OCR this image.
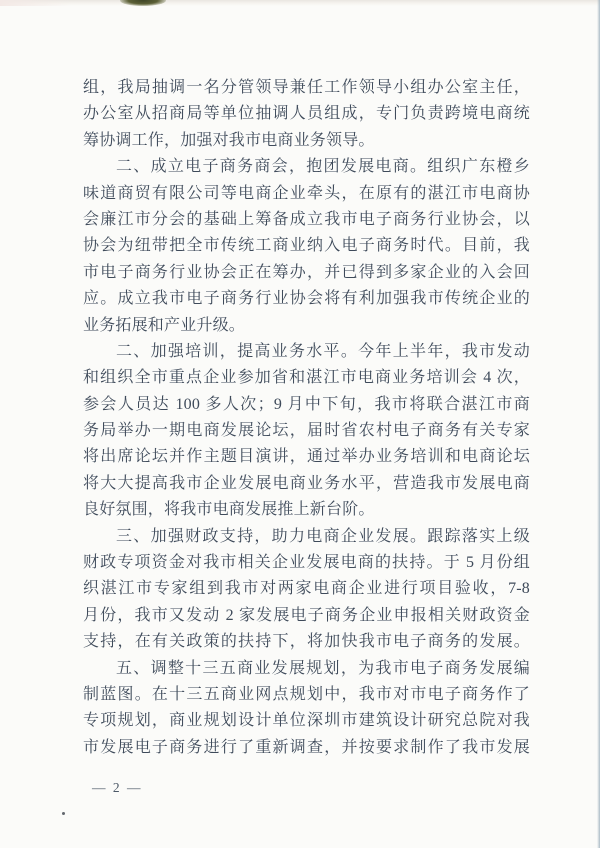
组，我局抽调一名分管领导兼任工作领导小组办公室主任，
办公室从招商局等单位抽调人员组成，专门负责跨境电商统
筹协调工作，加强对我市电商业务领导。
二、成立电子商务商会，抱团发展电商。组织广东橙乡
味道商贸有限公司等电商企业牵头，在原有的湛江市电商协
会廉江市分会的基础上筹备成立我市电子商务行业协会，以
协会为纽带把全市传统工商业纳入电子商务时代。目前，我
市电子商务行业协会正在筹办，并已得到多家企业的入会回
应。成立我市电子商务行业协会将有利加强我市传统企业的
业务拓展和产业升级。
二、加强培训，提高业务水平。今年上半年，我市发动
和组织全市重点企业参加省和湛江市电商业务培训会 4 次，
参会人员达 100 多人次；9 月中下旬，我市将联合湛江市商
务局举办一期电商发展论坛，届时省农村电子商务有关专家
将出席论坛并作主题目演讲，通过举办业务培训和电商论坛
将大大提高我市企业发展电商业务水平，营造我市发展电商
良好氛围，将我市电商发展推上新台阶。
三、加强财政支持，助力电商企业发展。跟踪落实上级
财政专项资金对我市相关企业发展电商的扶持。于 5 月份组
织湛江市专家组到我市对两家电商企业进行项目验收，7-8
月份，我市又发动 2 家发展电子商务企业申报相关财政资金
支持，在有关政策的扶持下，将加快我市电子商务的发展。
五、调整十三五商业发展规划，为我市电子商务发展编
制蓝图。在十三五商业网点规划中，我市对市电子商务作了
专项规划，商业规划设计单位深圳市建筑设计研究总院对我
市发展电子商务进行了重新调查，并按要求制作了我市发展
— 2 —
